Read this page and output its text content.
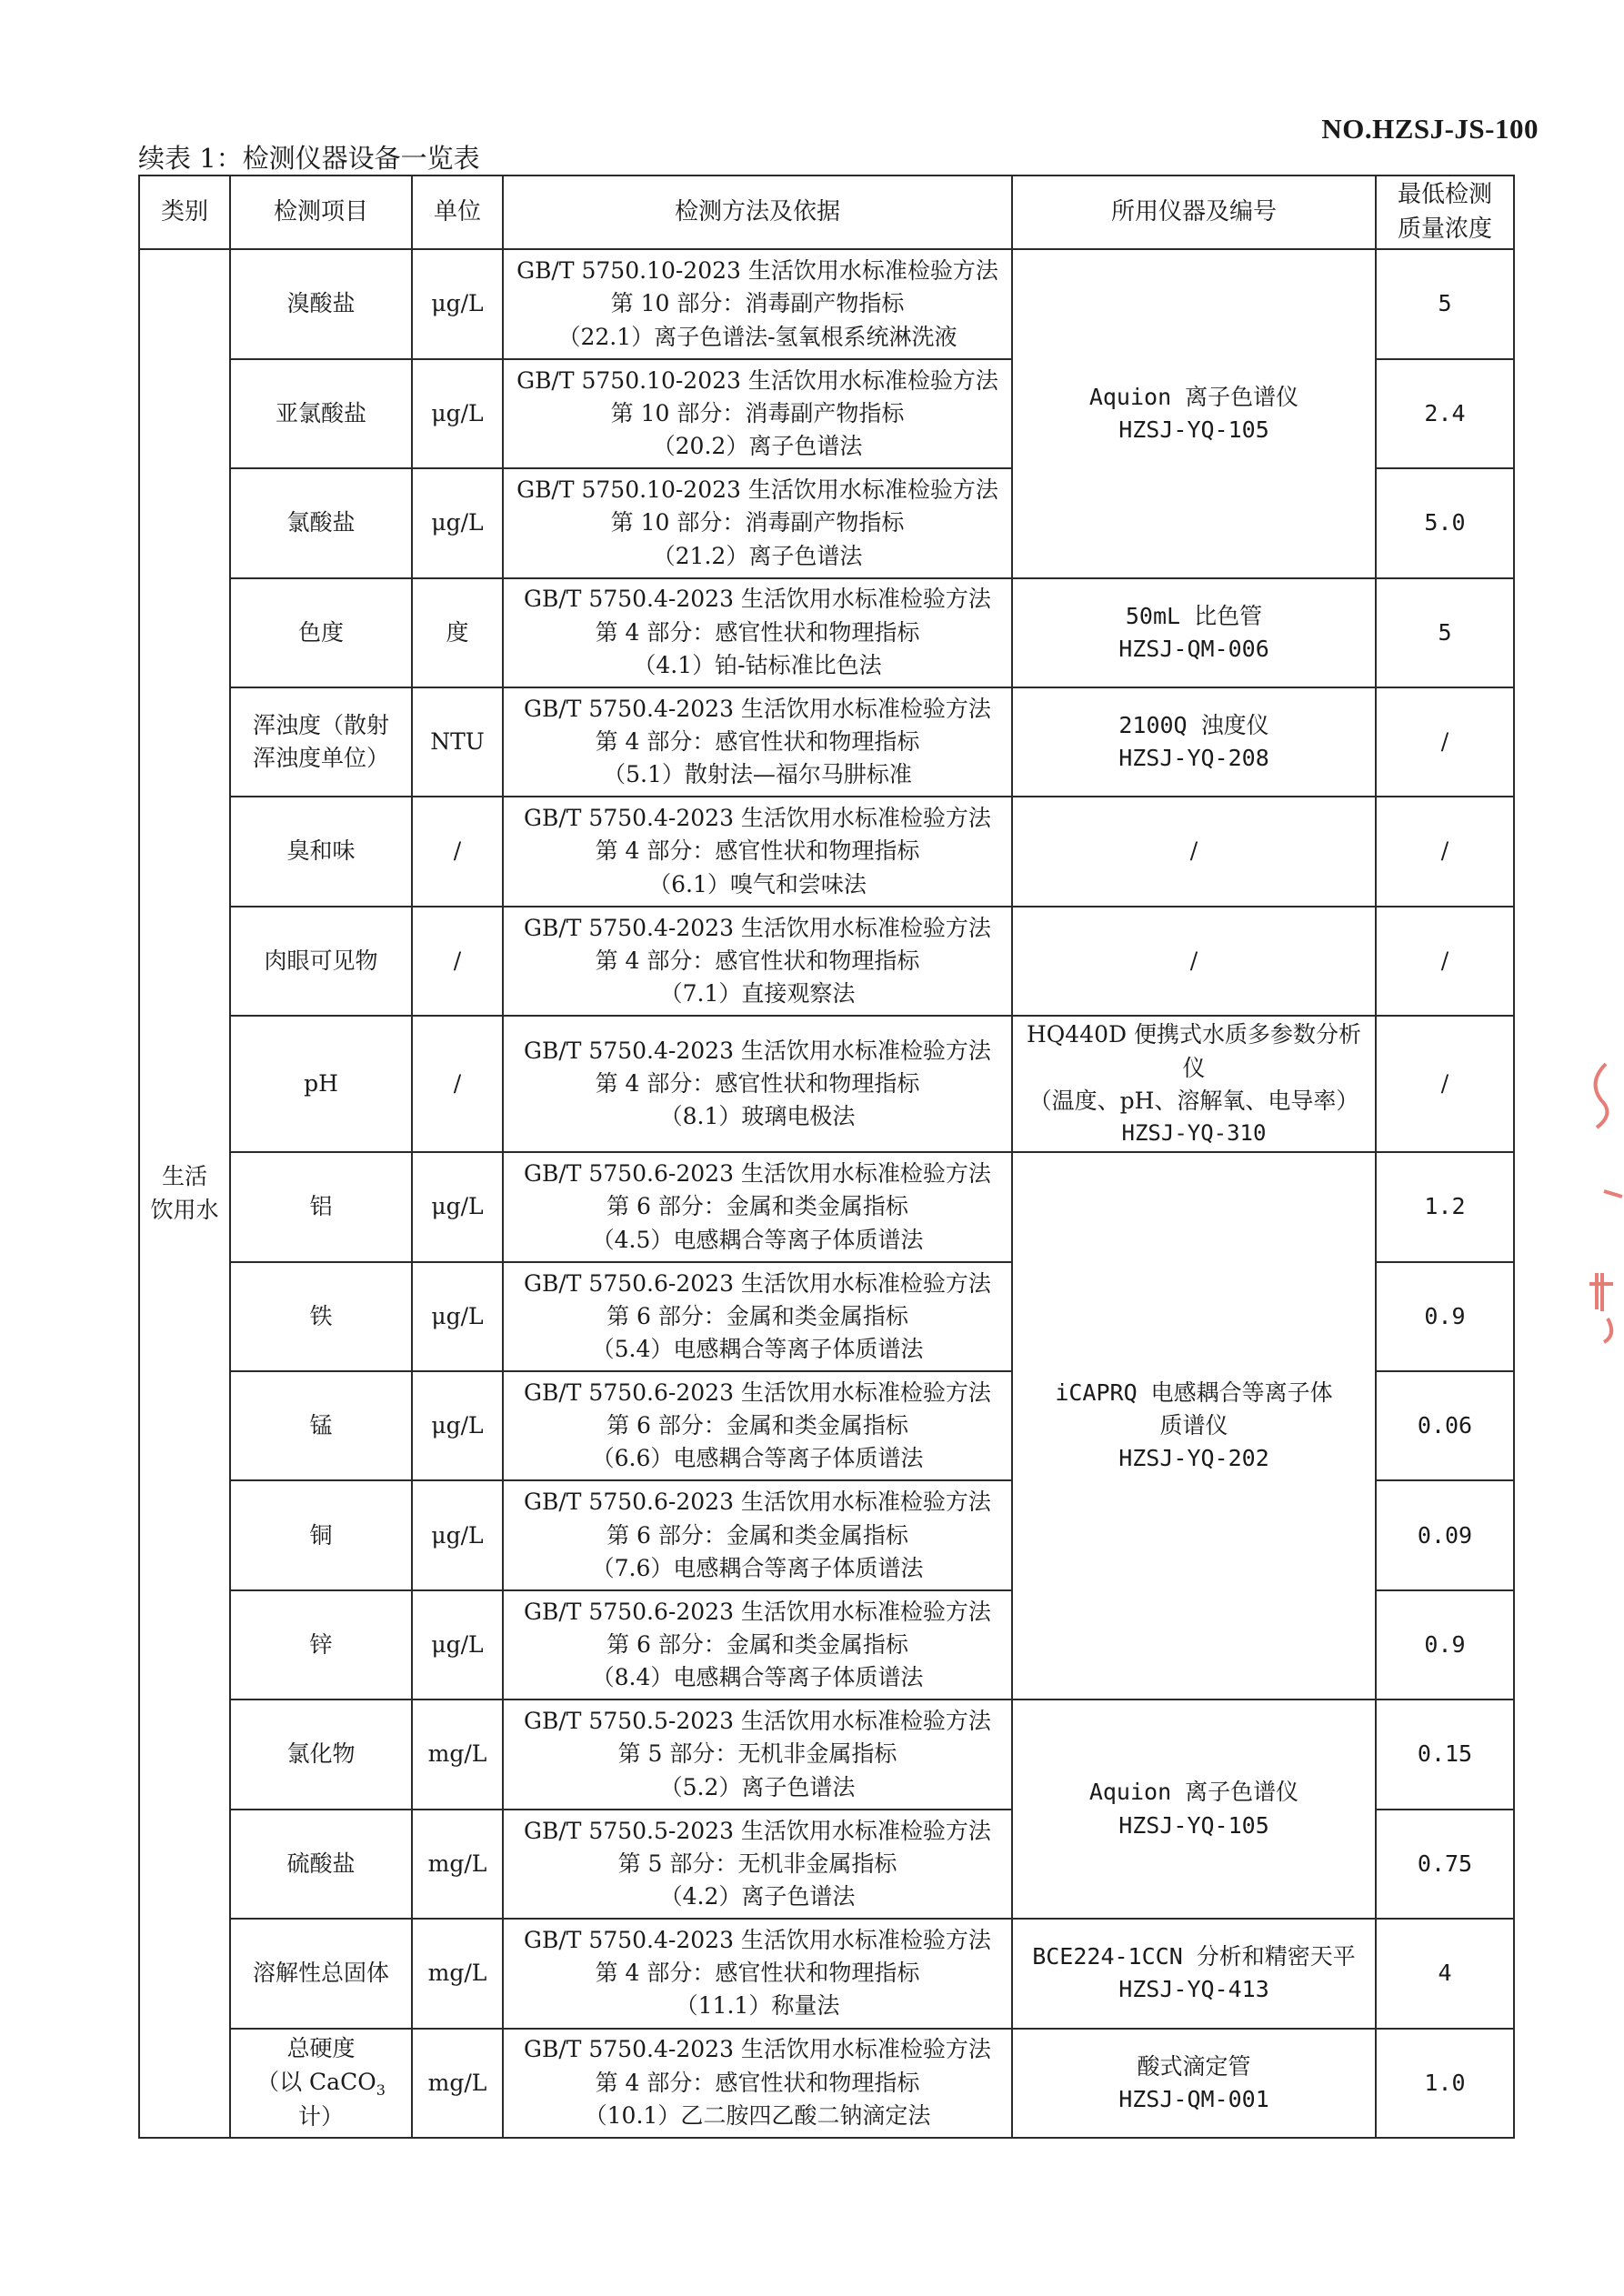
NO.HZSJ-JS-100
续表 1：检测仪器设备一览表
类别	检测项目	单位	检测方法及依据	所用仪器及编号	最低检测
质量浓度

生活
饮用水	溴酸盐	μg/L	GB/T 5750.10-2023 生活饮用水标准检验方法
第 10 部分：消毒副产物指标
（22.1）离子色谱法-氢氧根系统淋洗液	Aquion 离子色谱仪
HZSJ-YQ-105	5
	亚氯酸盐	μg/L	GB/T 5750.10-2023 生活饮用水标准检验方法
第 10 部分：消毒副产物指标
（20.2）离子色谱法		2.4
	氯酸盐	μg/L	GB/T 5750.10-2023 生活饮用水标准检验方法
第 10 部分：消毒副产物指标
（21.2）离子色谱法		5.0
	色度	度	GB/T 5750.4-2023 生活饮用水标准检验方法
第 4 部分：感官性状和物理指标
（4.1）铂-钴标准比色法	50mL 比色管
HZSJ-QM-006	5

	浑浊度（散射
浑浊度单位）	NTU	GB/T 5750.4-2023 生活饮用水标准检验方法
第 4 部分：感官性状和物理指标
（5.1）散射法—福尔马肼标准	2100Q 浊度仪
HZSJ-YQ-208	/
	臭和味	/	GB/T 5750.4-2023 生活饮用水标准检验方法
第 4 部分：感官性状和物理指标
（6.1）嗅气和尝味法	/	/
	肉眼可见物	/	GB/T 5750.4-2023 生活饮用水标准检验方法
第 4 部分：感官性状和物理指标
（7.1）直接观察法	/	/
	pH	/	GB/T 5750.4-2023 生活饮用水标准检验方法
第 4 部分：感官性状和物理指标
（8.1）玻璃电极法	HQ440D 便携式水质多参数分析仪
（温度、pH、溶解氧、电导率）
HZSJ-YQ-310	/
	铝	μg/L	GB/T 5750.6-2023 生活饮用水标准检验方法
第 6 部分：金属和类金属指标
（4.5）电感耦合等离子体质谱法	iCAPRQ 电感耦合等离子体
质谱仪
HZSJ-YQ-202	1.2
	铁	μg/L	GB/T 5750.6-2023 生活饮用水标准检验方法
第 6 部分：金属和类金属指标
（5.4）电感耦合等离子体质谱法		0.9
	锰	μg/L	GB/T 5750.6-2023 生活饮用水标准检验方法
第 6 部分：金属和类金属指标
（6.6）电感耦合等离子体质谱法		0.06
	铜	μg/L	GB/T 5750.6-2023 生活饮用水标准检验方法
第 6 部分：金属和类金属指标
（7.6）电感耦合等离子体质谱法		0.09
	锌	μg/L	GB/T 5750.6-2023 生活饮用水标准检验方法
第 6 部分：金属和类金属指标
（8.4）电感耦合等离子体质谱法		0.9
	氯化物	mg/L	GB/T 5750.5-2023 生活饮用水标准检验方法
第 5 部分：无机非金属指标
（5.2）离子色谱法	Aquion 离子色谱仪
HZSJ-YQ-105	0.15
	硫酸盐	mg/L	GB/T 5750.5-2023 生活饮用水标准检验方法
第 5 部分：无机非金属指标
（4.2）离子色谱法		0.75
	溶解性总固体	mg/L	GB/T 5750.4-2023 生活饮用水标准检验方法
第 4 部分：感官性状和物理指标
（11.1）称量法	BCE224-1CCN 分析和精密天平
HZSJ-YQ-413	4

	总硬度
（以 CaCO$_3$计）	mg/L	GB/T 5750.4-2023 生活饮用水标准检验方法
第 4 部分：感官性状和物理指标
（10.1）乙二胺四乙酸二钠滴定法	酸式滴定管
HZSJ-QM-001	1.0
